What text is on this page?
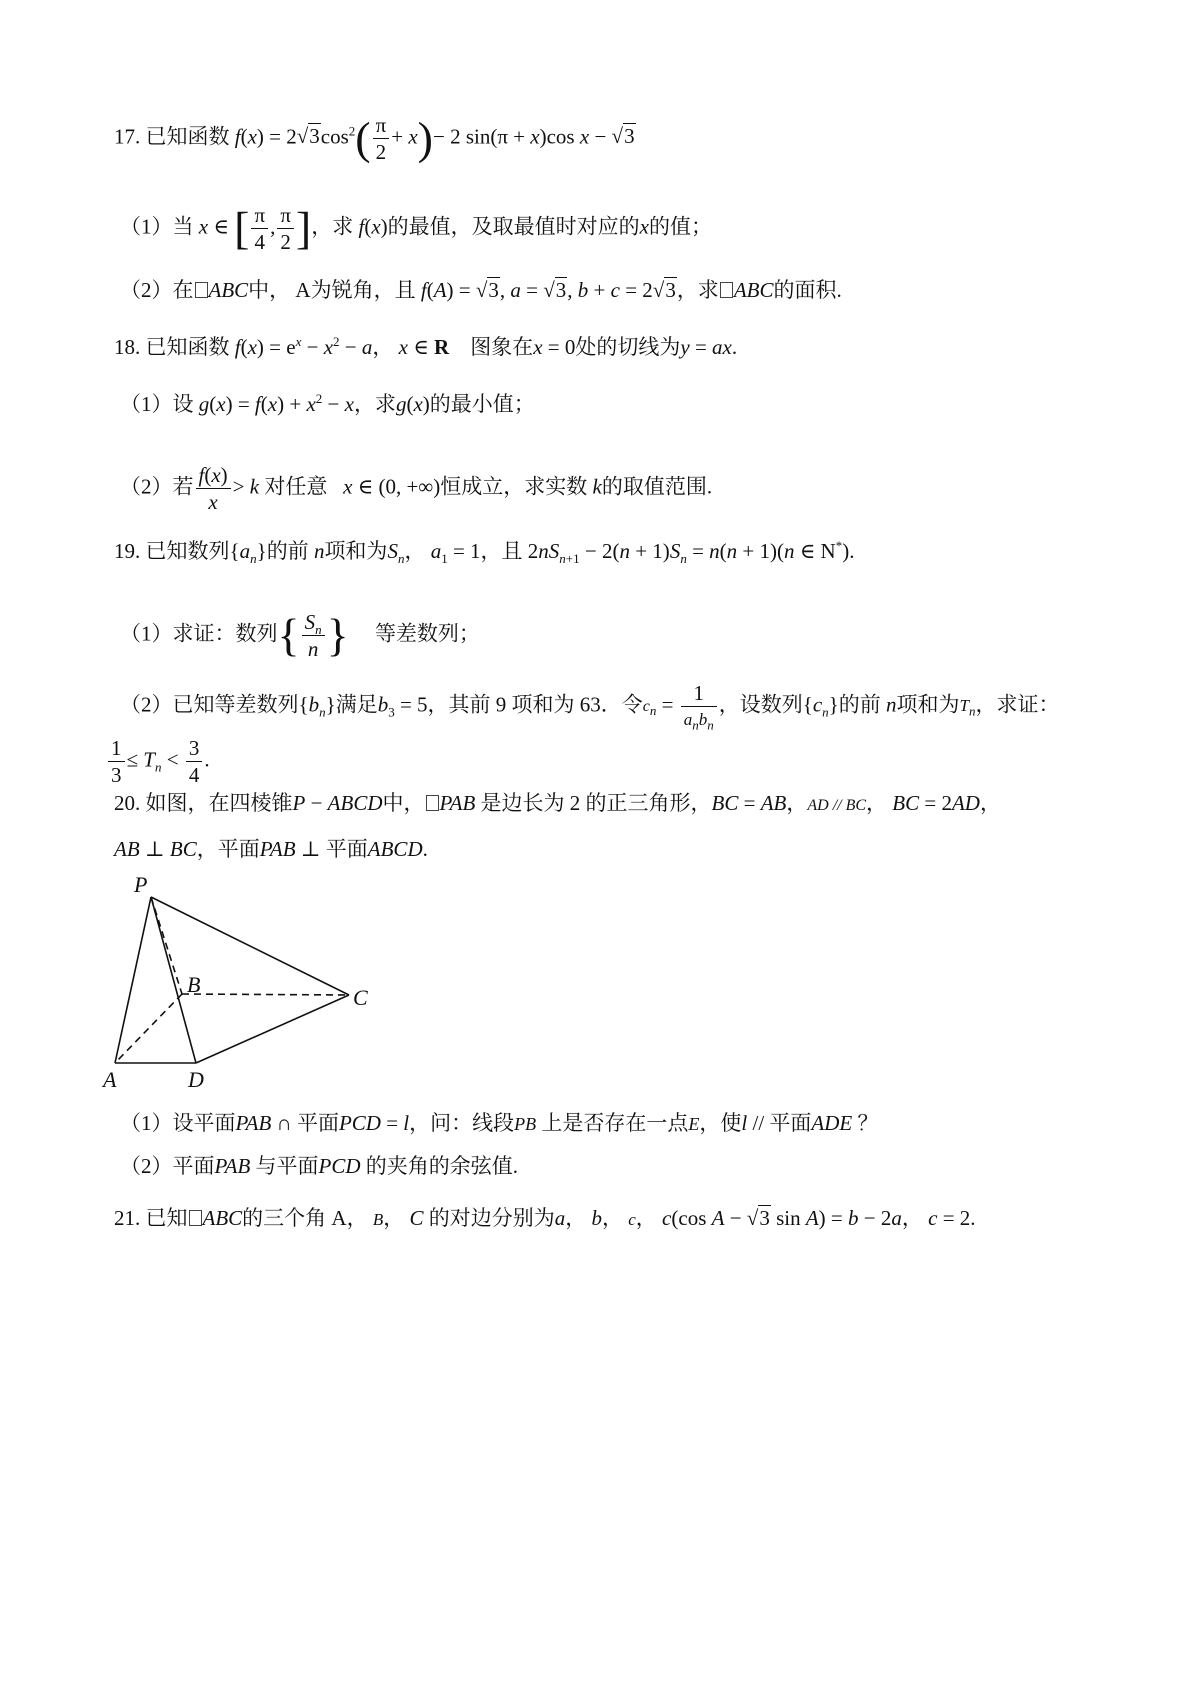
17. 已知函数 $f(x) = 2√3\cos^2( \frac{\pi}{2} + x)- 2$ sin(π + x)cos x − √3
（1）当 x ∈ [ $\frac{\pi}{4}$ , $\frac{\pi}{2}$ ]，求 f(x)的最值，及取最值时对应的x的值；
（2）在 ABC中， A为锐角，且 f(A) = √3, a = √3, b + c = 2√3，求 ABC的面积.
18. 已知函数 $f(x) = e^x - x^2 - a$， x ∈ R 图象在x = 0处的切线为y = ax.
（1）设 $g(x) = f(x) + x^2 - x$，求g(x)的最小值；
（2）若 $\frac{f(x)}{x} > k$ 对任意 x ∈ (0, +∞)恒成立，求实数 k的取值范围.
19. 已知数列$\{a_n\}$的前 n项和为$S_n$， $a_1 = 1$，且 $2nS_{n+1} - 2(n + 1)S_n = n(n + 1)(n$ ∈ N*).
（1）求证：数列{ $\frac{S_n}{n}$ } 等差数列；
（2）已知等差数列$\{b_n\}$满足$b_3 = 5$，其前 9 项和为 63．令$c_n = \frac{1}{a_nb_n}$ ，设数列$\{c_n\}$的前 n项和为$T_n$，求证：
$\frac{1}{3} \le T_n < \frac{3}{4}$ .
20. 如图，在四棱锥P − ABCD中， PAB 是边长为 2 的正三角形，BC = AB，AD // BC， BC = 2AD，
AB ⊥ BC，平面PAB ⊥ 平面ABCD.
P
B
C
A	D
（1）设平面PAB ∩ 平面PCD = l，问：线段PB 上是否存在一点E，使l // 平面ADE ？
（2）平面PAB 与平面PCD 的夹角的余弦值.
21. 已知 ABC的三个角 A， B， C 的对边分别为a， b， c， c(cos A − √3 sin A) = b − 2a， c = 2.
